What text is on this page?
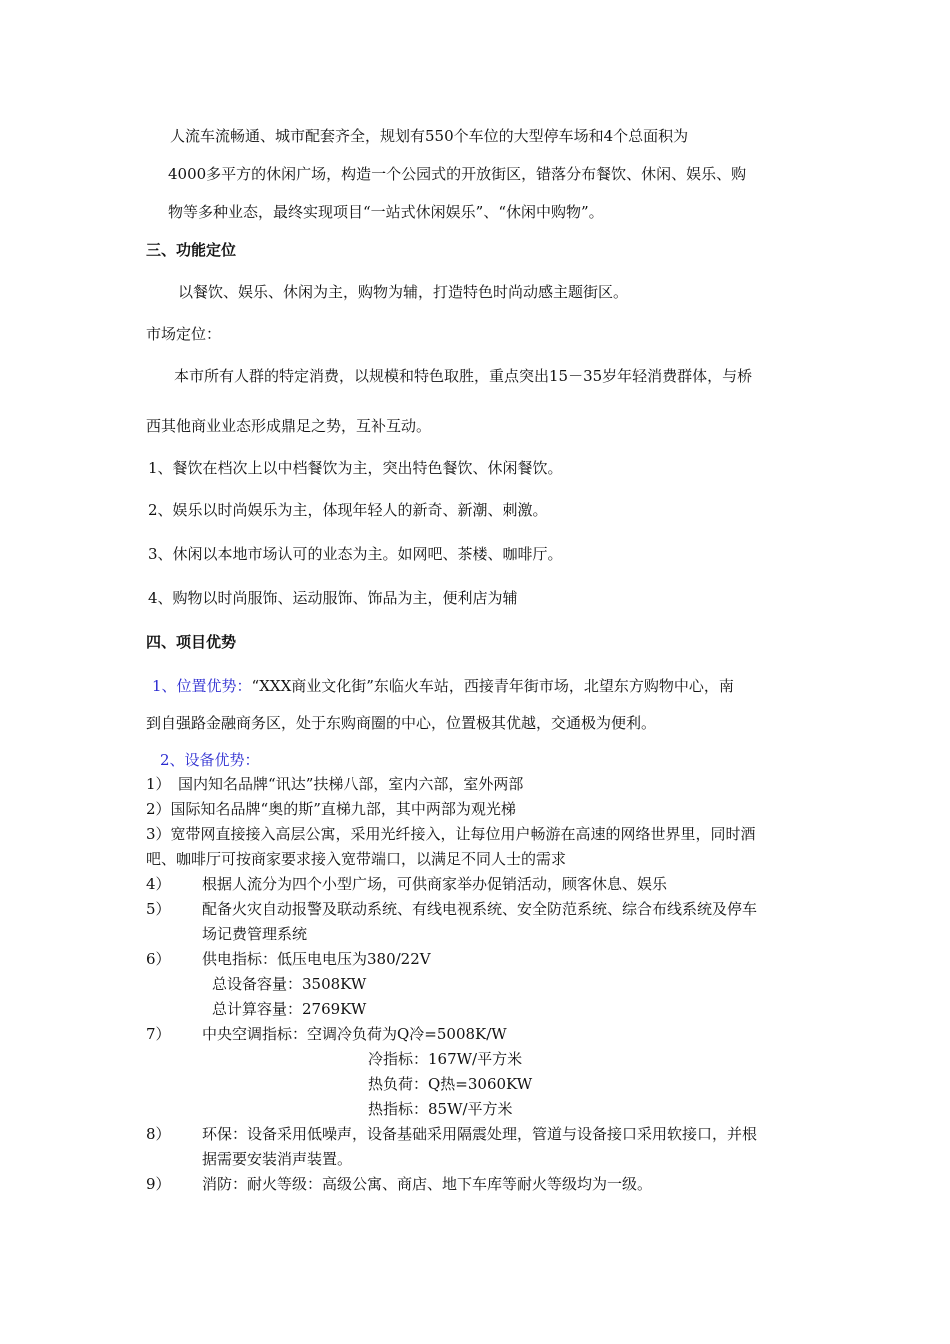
人流车流畅通、城市配套齐全，规划有550个车位的大型停车场和4个总面积为
4000多平方的休闲广场，构造一个公园式的开放街区，错落分布餐饮、休闲、娱乐、购
物等多种业态，最终实现项目“一站式休闲娱乐”、“休闲中购物”。
三、功能定位
以餐饮、娱乐、休闲为主，购物为辅，打造特色时尚动感主题街区。
市场定位：
本市所有人群的特定消费，以规模和特色取胜，重点突出15－35岁年轻消费群体，与桥
西其他商业业态形成鼎足之势，互补互动。
1、餐饮在档次上以中档餐饮为主，突出特色餐饮、休闲餐饮。
2、娱乐以时尚娱乐为主，体现年轻人的新奇、新潮、刺激。
3、休闲以本地市场认可的业态为主。如网吧、茶楼、咖啡厅。
4、购物以时尚服饰、运动服饰、饰品为主，便利店为辅
四、项目优势
1、位置优势：“XXX商业文化街”东临火车站，西接青年街市场，北望东方购物中心，南
到自强路金融商务区，处于东购商圈的中心，位置极其优越，交通极为便利。
2、设备优势：
1）　国内知名品牌“讯达”扶梯八部，室内六部，室外两部
2）国际知名品牌“奥的斯”直梯九部，其中两部为观光梯
3）宽带网直接接入高层公寓，采用光纤接入，让每位用户畅游在高速的网络世界里，同时酒
吧、咖啡厅可按商家要求接入宽带端口，以满足不同人士的需求
4） 根据人流分为四个小型广场，可供商家举办促销活动，顾客休息、娱乐
5） 配备火灾自动报警及联动系统、有线电视系统、安全防范系统、综合布线系统及停车
场记费管理系统
6） 供电指标：低压电电压为380/22V
总设备容量：3508KW
总计算容量：2769KW
7） 中央空调指标：空调冷负荷为Q冷=5008K/W
冷指标：167W/平方米
热负荷：Q热=3060KW
热指标：85W/平方米
8） 环保：设备采用低噪声，设备基础采用隔震处理，管道与设备接口采用软接口，并根
据需要安装消声装置。
9） 消防：耐火等级：高级公寓、商店、地下车库等耐火等级均为一级。
